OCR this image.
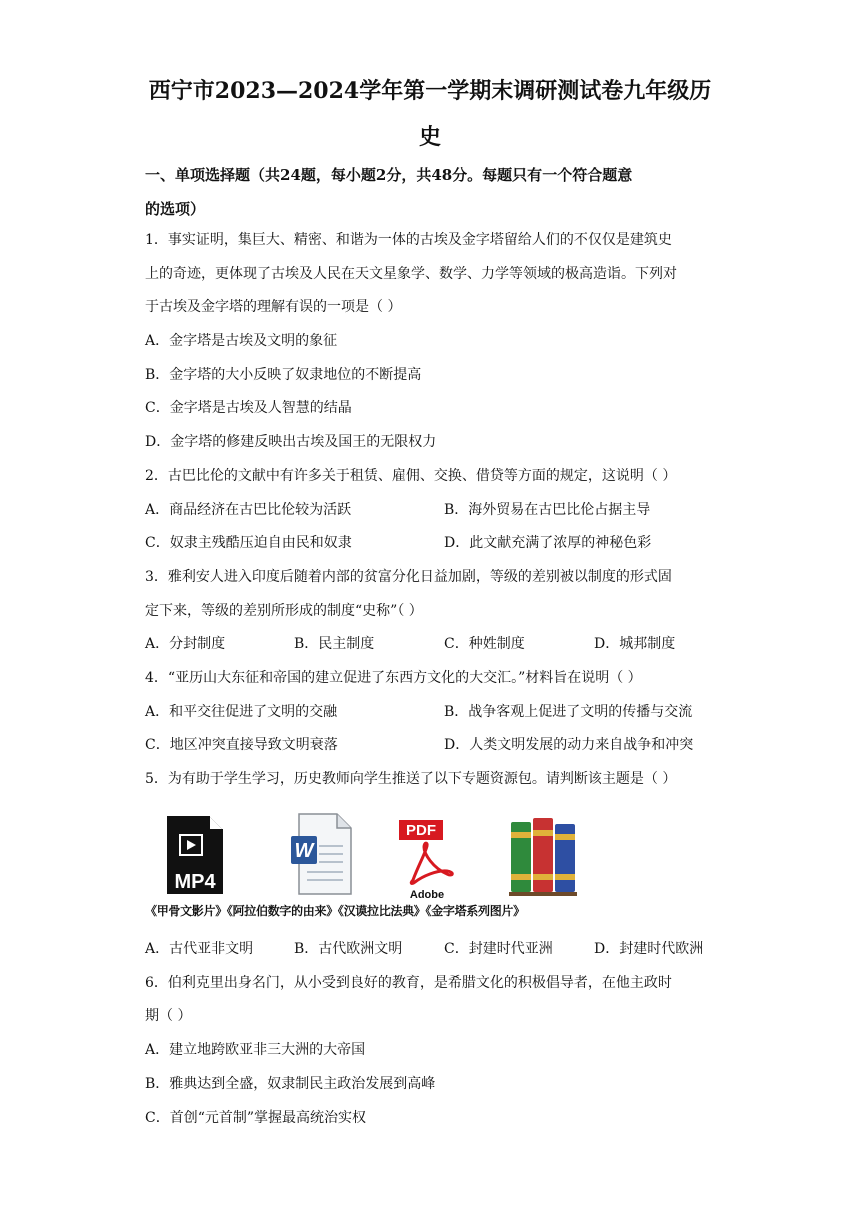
西宁市2023—2024学年第一学期末调研测试卷九年级历
史
一、单项选择题（共24题，每小题2分，共48分。每题只有一个符合题意
的选项）
1．事实证明，集巨大、精密、和谐为一体的古埃及金字塔留给人们的不仅仅是建筑史
上的奇迹，更体现了古埃及人民在天文星象学、数学、力学等领域的极高造诣。下列对
于古埃及金字塔的理解有误的一项是（ ）
A．金字塔是古埃及文明的象征
B．金字塔的大小反映了奴隶地位的不断提高
C．金字塔是古埃及人智慧的结晶
D．金字塔的修建反映出古埃及国王的无限权力
2．古巴比伦的文献中有许多关于租赁、雇佣、交换、借贷等方面的规定，这说明（ ）
A．商品经济在古巴比伦较为活跃	B．海外贸易在古巴比伦占据主导
C．奴隶主残酷压迫自由民和奴隶	D．此文献充满了浓厚的神秘色彩
3．雅利安人进入印度后随着内部的贫富分化日益加剧，等级的差别被以制度的形式固
定下来，等级的差别所形成的制度“史称”（ ）
A．分封制度	B．民主制度	C．种姓制度	D．城邦制度
4．“亚历山大东征和帝国的建立促进了东西方文化的大交汇。”材料旨在说明（ ）
A．和平交往促进了文明的交融	B．战争客观上促进了文明的传播与交流
C．地区冲突直接导致文明衰落	D．人类文明发展的动力来自战争和冲突
5．为有助于学生学习，历史教师向学生推送了以下专题资源包。请判断该主题是（ ）
MP4
W
PDF
Adobe
《甲骨文影片》《阿拉伯数字的由来》《汉谟拉比法典》《金字塔系列图片》
A．古代亚非文明	B．古代欧洲文明	C．封建时代亚洲	D．封建时代欧洲
6．伯利克里出身名门，从小受到良好的教育，是希腊文化的积极倡导者，在他主政时
期（ ）
A．建立地跨欧亚非三大洲的大帝国
B．雅典达到全盛，奴隶制民主政治发展到高峰
C．首创“元首制”掌握最高统治实权
